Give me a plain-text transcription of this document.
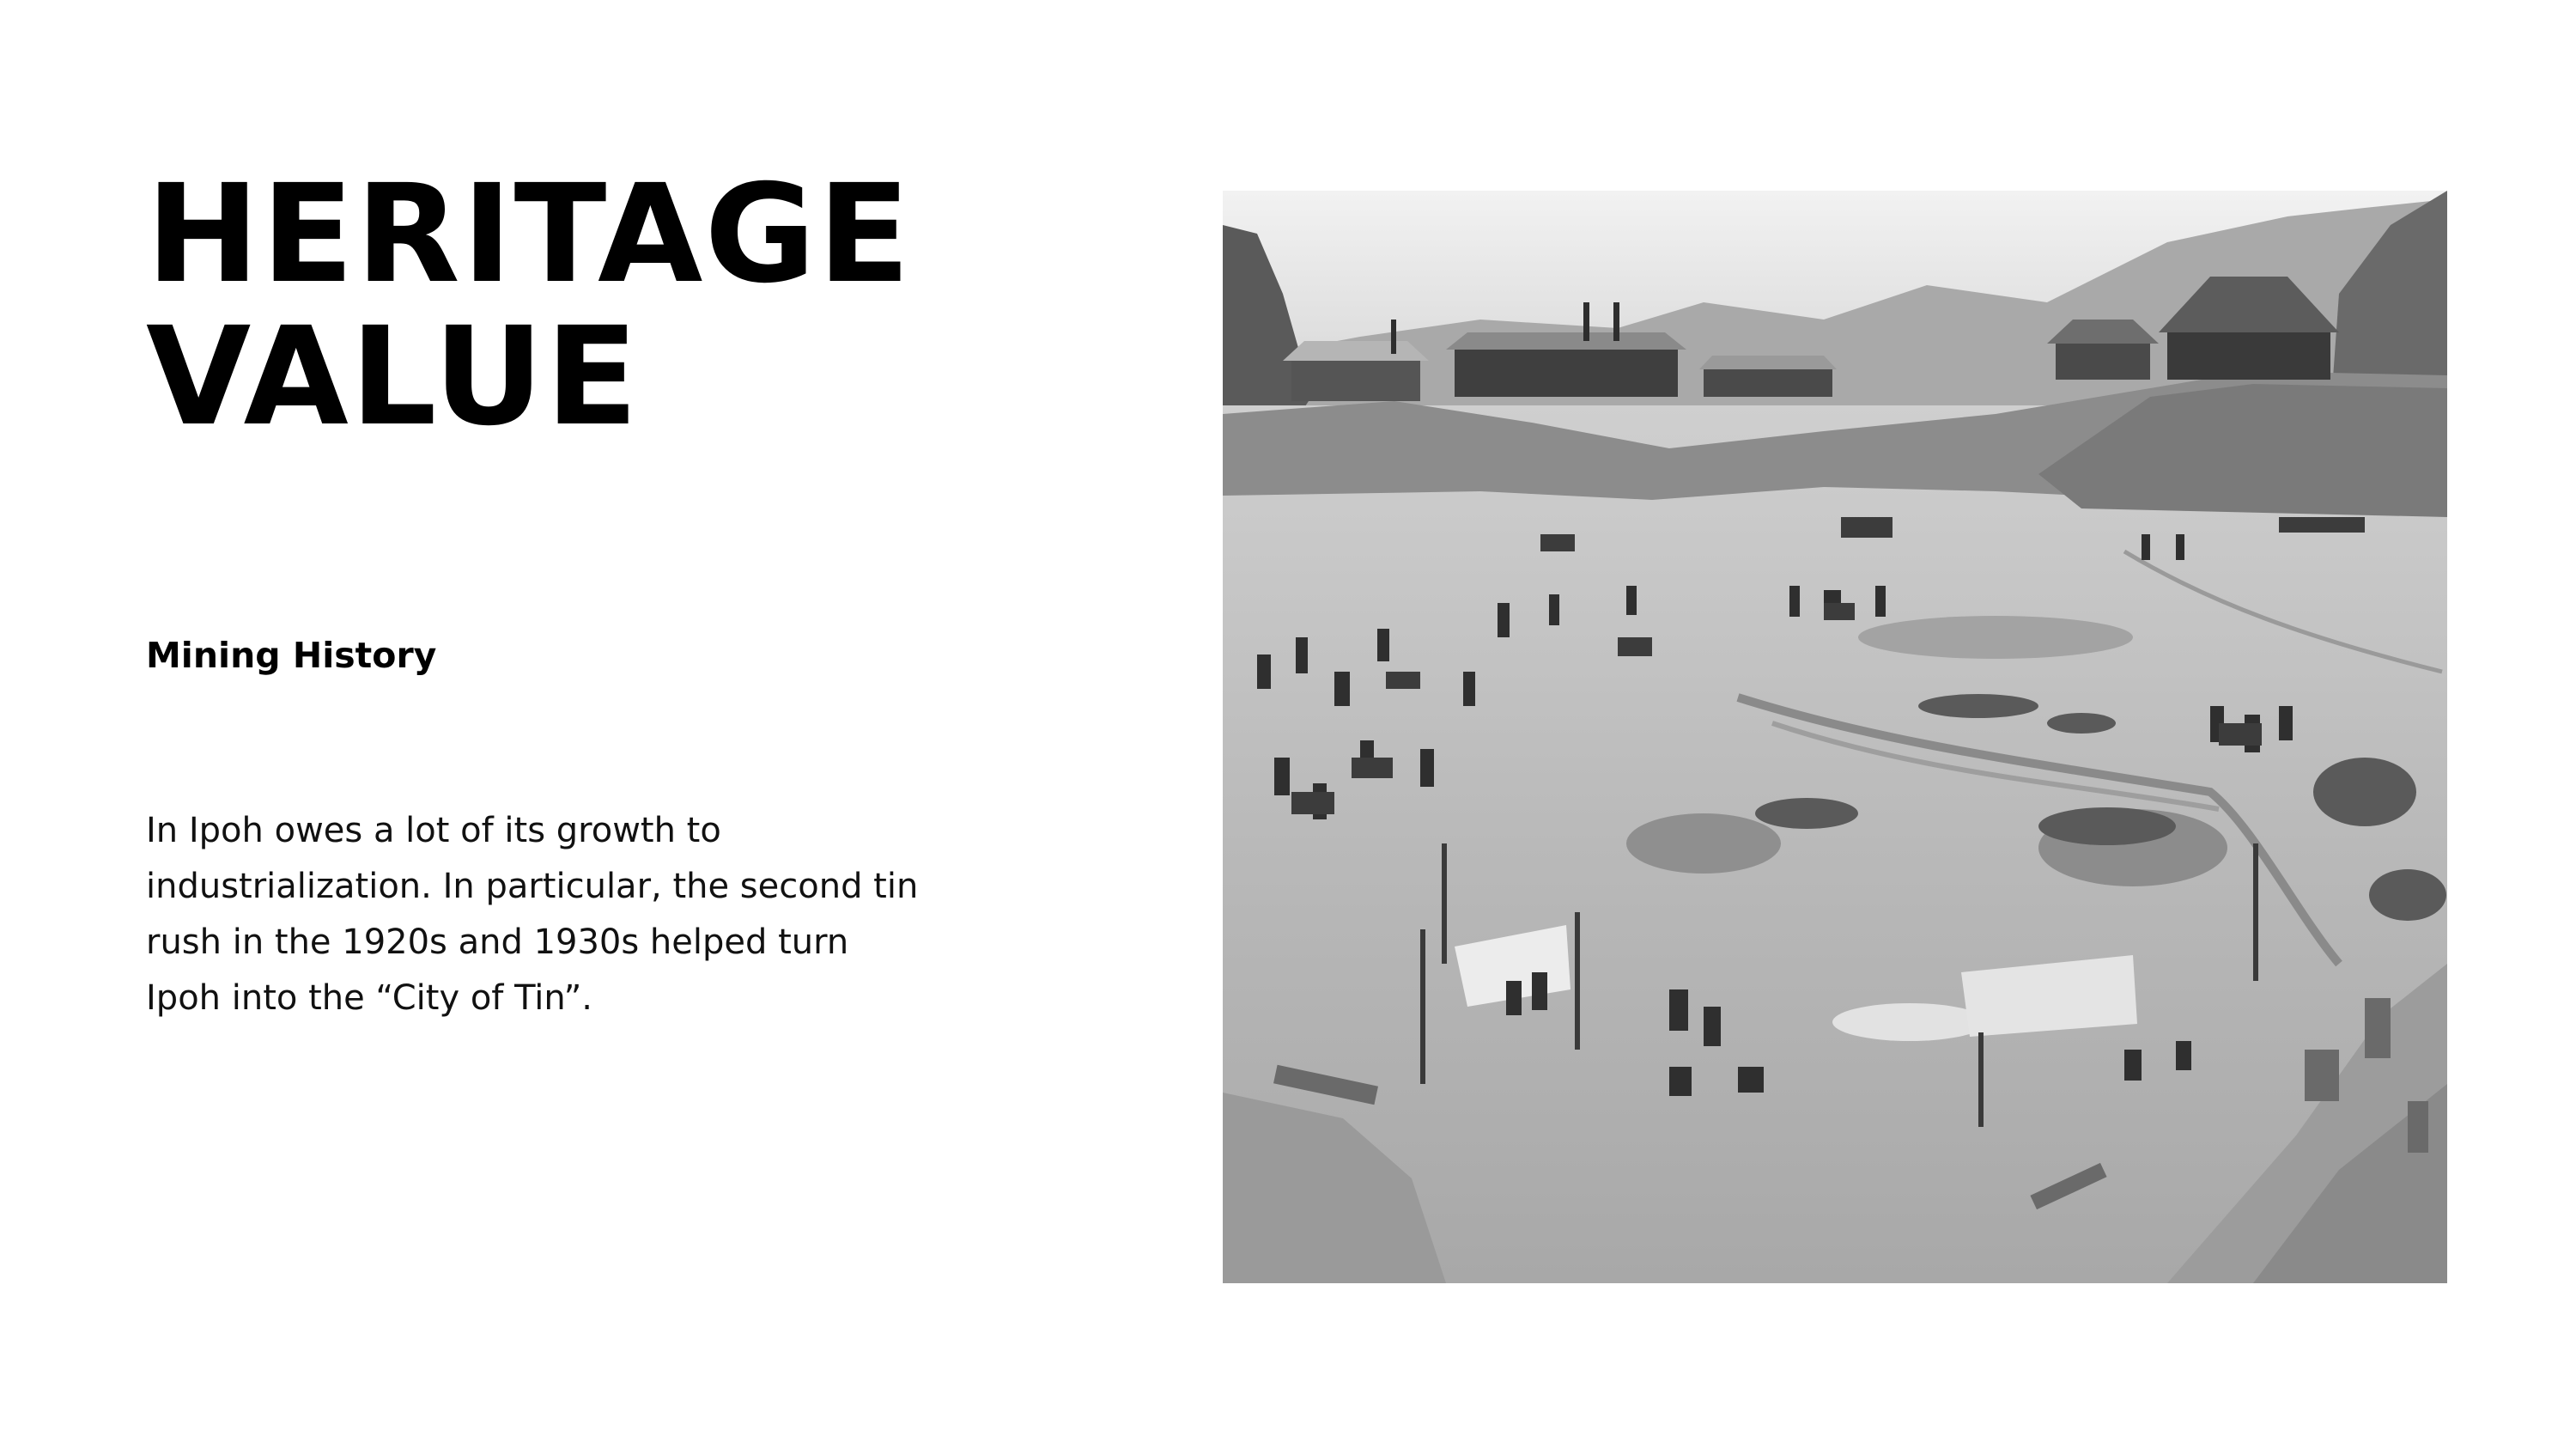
HERITAGE
VALUE
Mining History

In Ipoh owes a lot of its growth to industrialization. In particular, the second tin rush in the 1920s and 1930s helped turn Ipoh into the “City of Tin”.
